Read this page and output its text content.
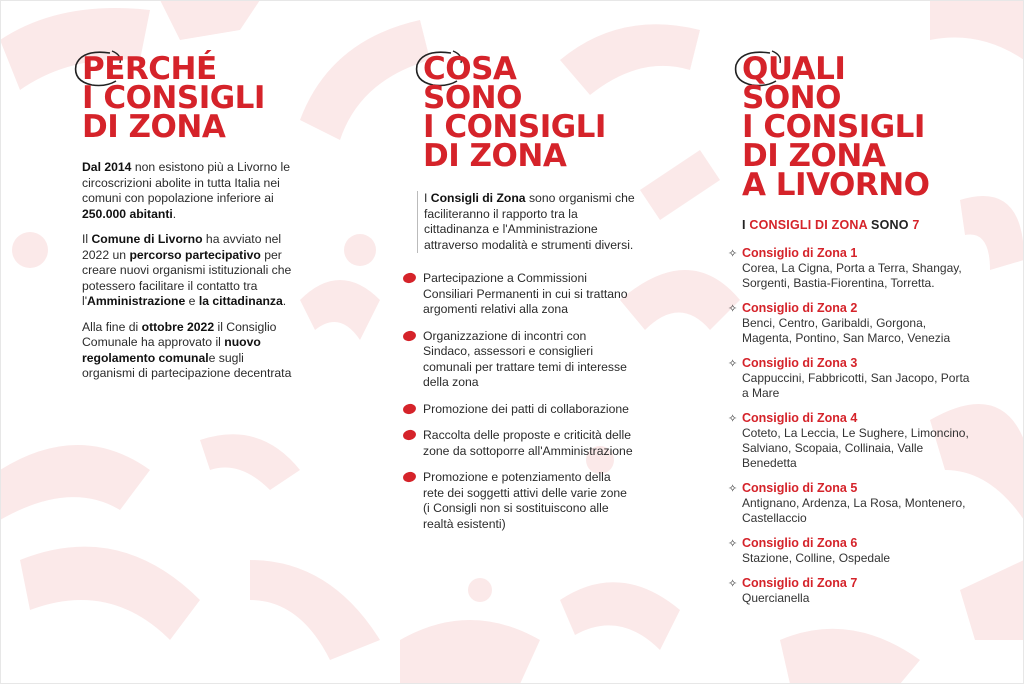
PERCHÉ
I CONSIGLI
DI ZONA

Dal 2014 non esistono più a Livorno le circoscrizioni abolite in tutta Italia nei comuni con popolazione inferiore ai 250.000 abitanti.

Il Comune di Livorno ha avviato nel 2022 un percorso partecipativo per creare nuovi organismi istituzionali che potessero facilitare il contatto tra l'Amministrazione e la cittadinanza.

Alla fine di ottobre 2022 il Consiglio Comunale ha approvato il nuovo regolamento comunale sugli organismi di partecipazione decentrata

COSA
SONO
I CONSIGLI
DI ZONA

I Consigli di Zona sono organismi che faciliteranno il rapporto tra la cittadinanza e l'Amministrazione attraverso modalità e strumenti diversi.

Partecipazione a Commissioni Consiliari Permanenti in cui si trattano argomenti relativi alla zona
Organizzazione di incontri con Sindaco, assessori e consiglieri comunali per trattare temi di interesse della zona
Promozione dei patti di collaborazione
Raccolta delle proposte e criticità delle zone da sottoporre all'Amministrazione
Promozione e potenziamento della rete dei soggetti attivi delle varie zone (i Consigli non si sostituiscono alle realtà esistenti)
QUALI
SONO
I CONSIGLI
DI ZONA
A LIVORNO
I CONSIGLI DI ZONA SONO 7
✧ Consiglio di Zona 1
Corea, La Cigna, Porta a Terra, Shangay, Sorgenti, Bastia-Fiorentina, Torretta.
✧ Consiglio di Zona 2
Benci, Centro, Garibaldi, Gorgona, Magenta, Pontino, San Marco, Venezia
✧ Consiglio di Zona 3
Cappuccini, Fabbricotti, San Jacopo, Porta a Mare
✧ Consiglio di Zona 4
Coteto, La Leccia, Le Sughere, Limoncino, Salviano, Scopaia, Collinaia, Valle Benedetta
✧ Consiglio di Zona 5
Antignano, Ardenza, La Rosa, Montenero, Castellaccio
✧ Consiglio di Zona 6
Stazione, Colline, Ospedale
✧ Consiglio di Zona 7
Quercianella
